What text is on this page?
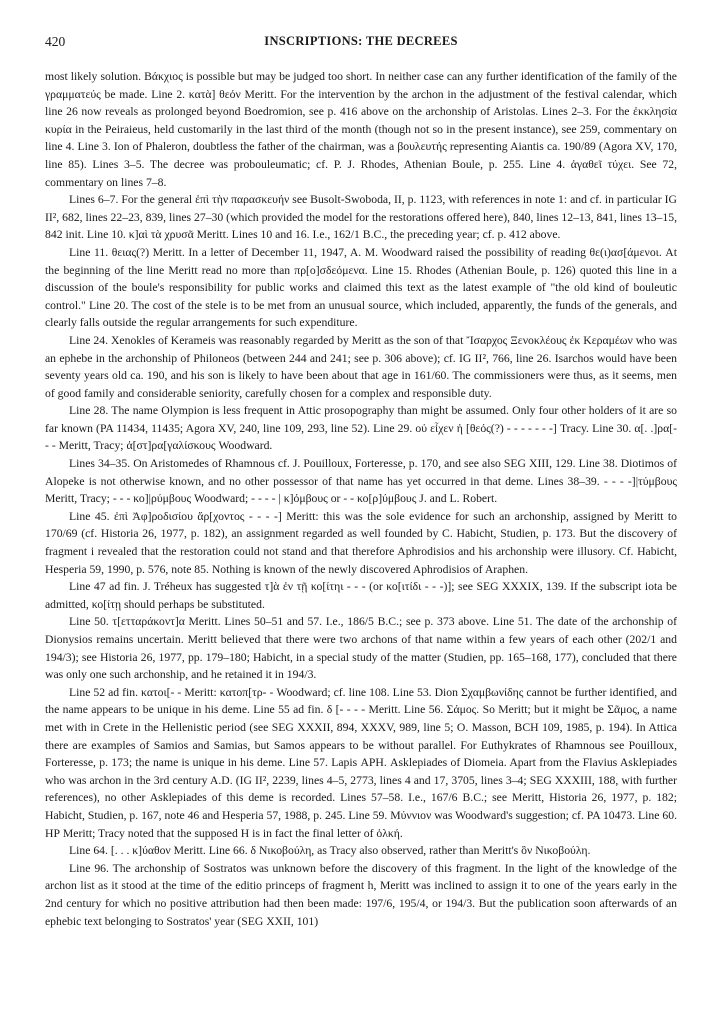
420	INSCRIPTIONS: THE DECREES

most likely solution. Βάκχιος is possible but may be judged too short. In neither case can any further identification of the family of the γραμματεύς be made. Line 2. κατὰ] θεόν Meritt. For the intervention by the archon in the adjustment of the festival calendar, which line 26 now reveals as prolonged beyond Boedromion, see p. 416 above on the archonship of Aristolas. Lines 2–3. For the ἐκκλησία κυρία in the Peiraieus, held customarily in the last third of the month (though not so in the present instance), see 259, commentary on line 4. Line 3. Ion of Phaleron, doubtless the father of the chairman, was a βουλευτής representing Aiantis ca. 190/89 (Agora XV, 170, line 85). Lines 3–5. The decree was probouleumatic; cf. P. J. Rhodes, Athenian Boule, p. 255. Line 4. ἀγαθεῖ τύχει. See 72, commentary on lines 7–8.

Lines 6–7. For the general ἐπὶ τὴν παρασκευήν see Busolt-Swoboda, II, p. 1123, with references in note 1: and cf. in particular IG II², 682, lines 22–23, 839, lines 27–30 (which provided the model for the restorations offered here), 840, lines 12–13, 841, lines 13–15, 842 init. Line 10. κ]αὶ τὰ χρυσᾶ Meritt. Lines 10 and 16. I.e., 162/1 B.C., the preceding year; cf. p. 412 above.

Line 11. θειας(?) Meritt. In a letter of December 11, 1947, A. M. Woodward raised the possibility of reading θε(ι)ασ[άμενοι. At the beginning of the line Meritt read no more than πρ[ο]σδεόμενα. Line 15. Rhodes (Athenian Boule, p. 126) quoted this line in a discussion of the boule's responsibility for public works and claimed this text as the latest example of "the old kind of bouleutic control." Line 20. The cost of the stele is to be met from an unusual source, which included, apparently, the funds of the generals, and clearly falls outside the regular arrangements for such expenditure.

Line 24. Xenokles of Kerameis was reasonably regarded by Meritt as the son of that Ἴσαρχος Ξενοκλέους ἐκ Κεραμέων who was an ephebe in the archonship of Philoneos (between 244 and 241; see p. 306 above); cf. IG II², 766, line 26. Isarchos would have been seventy years old ca. 190, and his son is likely to have been about that age in 161/60. The commissioners were thus, as it seems, men of good family and considerable seniority, carefully chosen for a complex and responsible duty.

Line 28. The name Olympion is less frequent in Attic prosopography than might be assumed. Only four other holders of it are so far known (PA 11434, 11435; Agora XV, 240, line 109, 293, line 52). Line 29. οὐ εἶχεν ἡ [θεός(?) - - - - - - -] Tracy. Line 30. α[. .]ρα[- - - Meritt, Tracy; ἀ[στ]ρα[γαλίσκους Woodward.

Lines 34–35. On Aristomedes of Rhamnous cf. J. Pouilloux, Forteresse, p. 170, and see also SEG XIII, 129. Line 38. Diotimos of Alopeke is not otherwise known, and no other possessor of that name has yet occurred in that deme. Lines 38–39. - - - -]|τύμβους Meritt, Tracy; - - - κο]|ρύμβους Woodward; - - - - | κ]όμβους or - - κο[ρ]ύμβους J. and L. Robert.

Line 45. ἐπὶ Ἀφ]ροδισίου ἄρ[χοντος - - - -] Meritt: this was the sole evidence for such an archonship, assigned by Meritt to 170/69 (cf. Historia 26, 1977, p. 182), an assignment regarded as well founded by C. Habicht, Studien, p. 173. But the discovery of fragment i revealed that the restoration could not stand and that therefore Aphrodisios and his archonship were illusory. Cf. Habicht, Hesperia 59, 1990, p. 576, note 85. Nothing is known of the newly discovered Aphrodisios of Araphen.

Line 47 ad fin. J. Tréheux has suggested τ]ὰ ἐν τῇ κο[ίτηι - - - (or κο[ιτίδι - - -)]; see SEG XXXIX, 139. If the subscript iota be admitted, κο[ίτῃ should perhaps be substituted.

Line 50. τ[ετταράκοντ]α Meritt. Lines 50–51 and 57. I.e., 186/5 B.C.; see p. 373 above. Line 51. The date of the archonship of Dionysios remains uncertain. Meritt believed that there were two archons of that name within a few years of each other (202/1 and 194/3); see Historia 26, 1977, pp. 179–180; Habicht, in a special study of the matter (Studien, pp. 165–168, 177), concluded that there was only one such archonship, and he retained it in 194/3.

Line 52 ad fin. κατοι[- - Meritt: κατοπ[τρ- - Woodward; cf. line 108. Line 53. Dion Σχαμβωνίδης cannot be further identified, and the name appears to be unique in his deme. Line 55 ad fin. δ [- - - - Meritt. Line 56. Σάμος. So Meritt; but it might be Σᾶμος, a name met with in Crete in the Hellenistic period (see SEG XXXII, 894, XXXV, 989, line 5; O. Masson, BCH 109, 1985, p. 194). In Attica there are examples of Samios and Samias, but Samos appears to be without parallel. For Euthykrates of Rhamnous see Pouilloux, Forteresse, p. 173; the name is unique in his deme. Line 57. Lapis ΑΡΗ. Asklepiades of Diomeia. Apart from the Flavius Asklepiades who was archon in the 3rd century A.D. (IG II², 2239, lines 4–5, 2773, lines 4 and 17, 3705, lines 3–4; SEG XXXIII, 188, with further references), no other Asklepiades of this deme is recorded. Lines 57–58. I.e., 167/6 B.C.; see Meritt, Historia 26, 1977, p. 182; Habicht, Studien, p. 167, note 46 and Hesperia 57, 1988, p. 245. Line 59. Μύννιον was Woodward's suggestion; cf. PA 10473. Line 60. ΗΡ Meritt; Tracy noted that the supposed Η is in fact the final letter of ὁλκή.

Line 64. [. . . κ]ύαθον Meritt. Line 66. δ Νικοβούλη, as Tracy also observed, rather than Meritt's ὃν Νικοβούλη.

Line 96. The archonship of Sostratos was unknown before the discovery of this fragment. In the light of the knowledge of the archon list as it stood at the time of the editio princeps of fragment h, Meritt was inclined to assign it to one of the years early in the 2nd century for which no positive attribution had then been made: 197/6, 195/4, or 194/3. But the publication soon afterwards of an ephebic text belonging to Sostratos' year (SEG XXII, 101)
